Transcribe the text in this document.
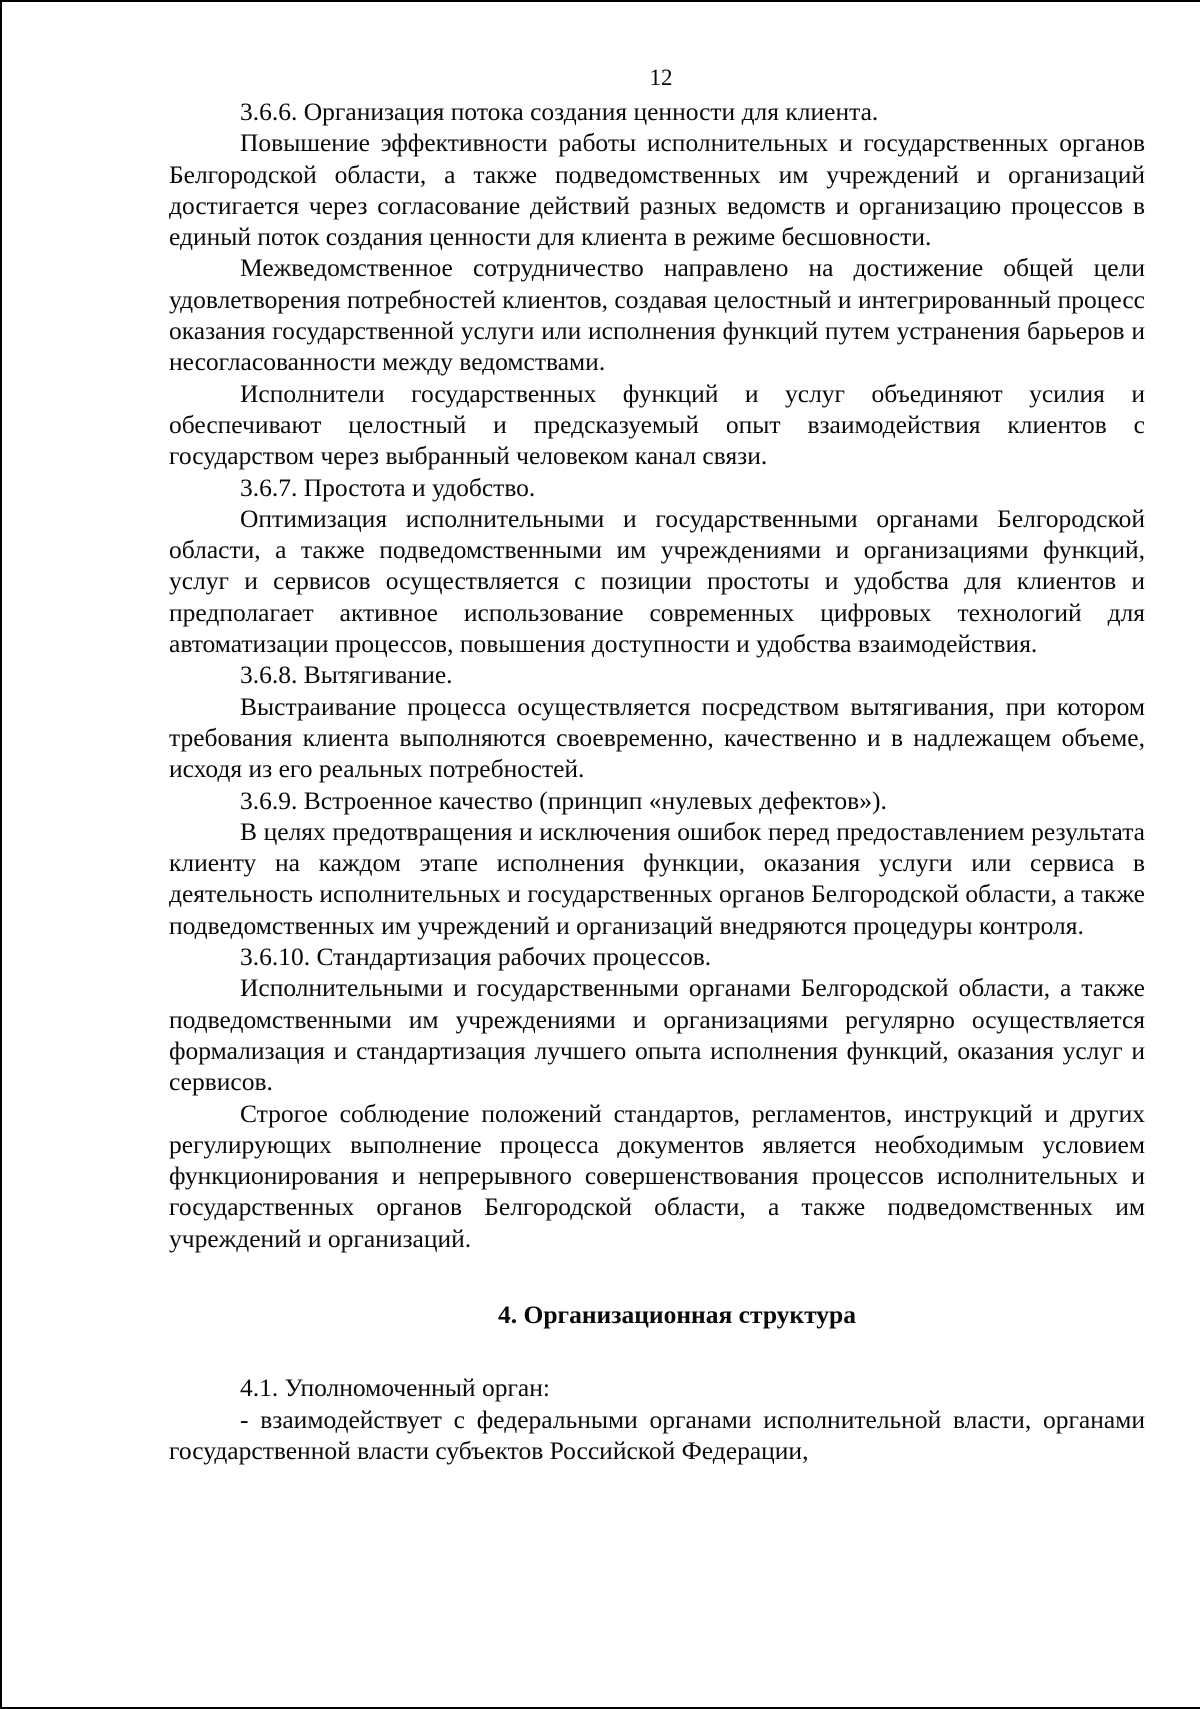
12

3.6.6. Организация потока создания ценности для клиента.

Повышение эффективности работы исполнительных и государственных органов Белгородской области, а также подведомственных им учреждений и организаций достигается через согласование действий разных ведомств и организацию процессов в единый поток создания ценности для клиента в режиме бесшовности.

Межведомственное сотрудничество направлено на достижение общей цели удовлетворения потребностей клиентов, создавая целостный и интегрированный процесс оказания государственной услуги или исполнения функций путем устранения барьеров и несогласованности между ведомствами.

Исполнители государственных функций и услуг объединяют усилия и обеспечивают целостный и предсказуемый опыт взаимодействия клиентов с государством через выбранный человеком канал связи.

3.6.7. Простота и удобство.

Оптимизация исполнительными и государственными органами Белгородской области, а также подведомственными им учреждениями и организациями функций, услуг и сервисов осуществляется с позиции простоты и удобства для клиентов и предполагает активное использование современных цифровых технологий для автоматизации процессов, повышения доступности и удобства взаимодействия.

3.6.8. Вытягивание.

Выстраивание процесса осуществляется посредством вытягивания, при котором требования клиента выполняются своевременно, качественно и в надлежащем объеме, исходя из его реальных потребностей.

3.6.9. Встроенное качество (принцип «нулевых дефектов»).

В целях предотвращения и исключения ошибок перед предоставлением результата клиенту на каждом этапе исполнения функции, оказания услуги или сервиса в деятельность исполнительных и государственных органов Белгородской области, а также подведомственных им учреждений и организаций внедряются процедуры контроля.

3.6.10. Стандартизация рабочих процессов.

Исполнительными и государственными органами Белгородской области, а также подведомственными им учреждениями и организациями регулярно осуществляется формализация и стандартизация лучшего опыта исполнения функций, оказания услуг и сервисов.

Строгое соблюдение положений стандартов, регламентов, инструкций и других регулирующих выполнение процесса документов является необходимым условием функционирования и непрерывного совершенствования процессов исполнительных и государственных органов Белгородской области, а также подведомственных им учреждений и организаций.

4. Организационная структура

4.1. Уполномоченный орган:

- взаимодействует с федеральными органами исполнительной власти, органами государственной власти субъектов Российской Федерации,
